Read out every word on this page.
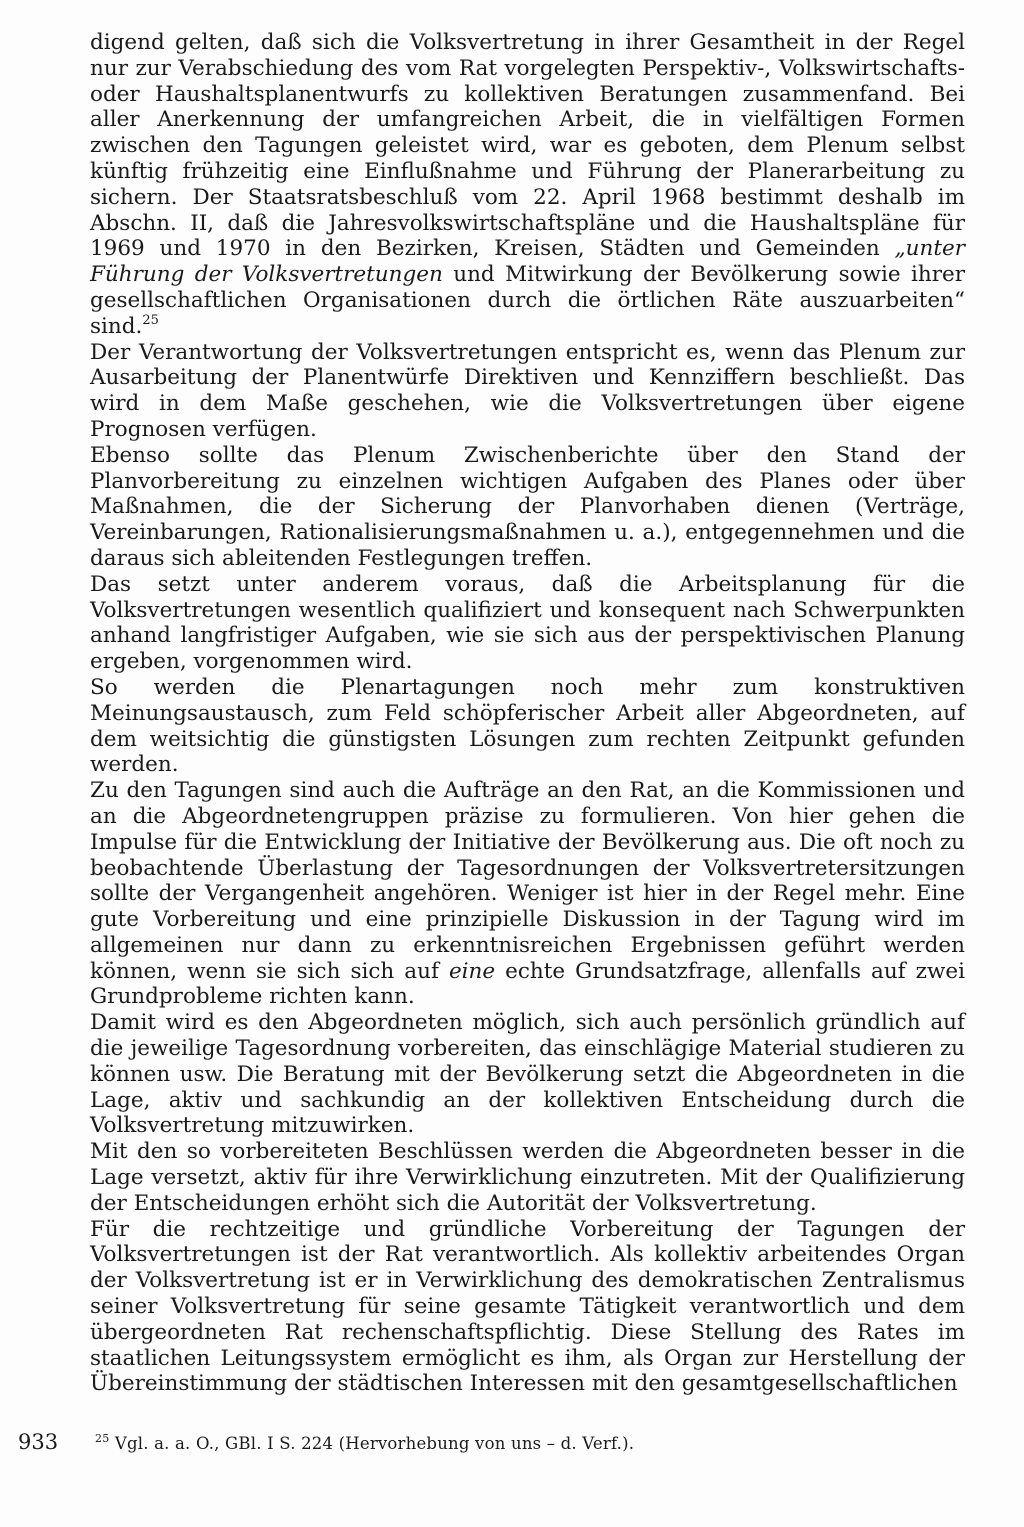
digend gelten, daß sich die Volksvertretung in ihrer Gesamtheit in der Regel nur zur Verabschiedung des vom Rat vorgelegten Perspektiv-, Volkswirtschafts- oder Haushaltsplanentwurfs zu kollektiven Beratungen zusammenfand. Bei aller Anerkennung der umfangreichen Arbeit, die in vielfältigen Formen zwischen den Tagungen geleistet wird, war es geboten, dem Plenum selbst künftig frühzeitig eine Einflußnahme und Führung der Planerarbeitung zu sichern. Der Staatsratsbeschluß vom 22. April 1968 bestimmt deshalb im Abschn. II, daß die Jahresvolkswirtschaftspläne und die Haushaltspläne für 1969 und 1970 in den Bezirken, Kreisen, Städten und Gemeinden „unter Führung der Volksvertretungen und Mitwirkung der Bevölkerung sowie ihrer gesellschaftlichen Organisationen durch die örtlichen Räte auszuarbeiten“ sind.$^{25}$

Der Verantwortung der Volksvertretungen entspricht es, wenn das Plenum zur Ausarbeitung der Planentwürfe Direktiven und Kennziffern beschließt. Das wird in dem Maße geschehen, wie die Volksvertretungen über eigene Prognosen verfügen.

Ebenso sollte das Plenum Zwischenberichte über den Stand der Planvorbereitung zu einzelnen wichtigen Aufgaben des Planes oder über Maßnahmen, die der Sicherung der Planvorhaben dienen (Verträge, Vereinbarungen, Rationalisierungsmaßnahmen u. a.), entgegennehmen und die daraus sich ableitenden Festlegungen treffen.

Das setzt unter anderem voraus, daß die Arbeitsplanung für die Volksvertretungen wesentlich qualifiziert und konsequent nach Schwerpunkten anhand langfristiger Aufgaben, wie sie sich aus der perspektivischen Planung ergeben, vorgenommen wird.

So werden die Plenartagungen noch mehr zum konstruktiven Meinungsaustausch, zum Feld schöpferischer Arbeit aller Abgeordneten, auf dem weitsichtig die günstigsten Lösungen zum rechten Zeitpunkt gefunden werden.

Zu den Tagungen sind auch die Aufträge an den Rat, an die Kommissionen und an die Abgeordnetengruppen präzise zu formulieren. Von hier gehen die Impulse für die Entwicklung der Initiative der Bevölkerung aus. Die oft noch zu beobachtende Überlastung der Tagesordnungen der Volksvertretersitzungen sollte der Vergangenheit angehören. Weniger ist hier in der Regel mehr. Eine gute Vorbereitung und eine prinzipielle Diskussion in der Tagung wird im allgemeinen nur dann zu erkenntnisreichen Ergebnissen geführt werden können, wenn sie sich sich auf eine echte Grundsatzfrage, allenfalls auf zwei Grundprobleme richten kann.

Damit wird es den Abgeordneten möglich, sich auch persönlich gründlich auf die jeweilige Tagesordnung vorbereiten, das einschlägige Material studieren zu können usw. Die Beratung mit der Bevölkerung setzt die Abgeordneten in die Lage, aktiv und sachkundig an der kollektiven Entscheidung durch die Volksvertretung mitzuwirken.

Mit den so vorbereiteten Beschlüssen werden die Abgeordneten besser in die Lage versetzt, aktiv für ihre Verwirklichung einzutreten. Mit der Qualifizierung der Entscheidungen erhöht sich die Autorität der Volksvertretung.

Für die rechtzeitige und gründliche Vorbereitung der Tagungen der Volksvertretungen ist der Rat verantwortlich. Als kollektiv arbeitendes Organ der Volksvertretung ist er in Verwirklichung des demokratischen Zentralismus seiner Volksvertretung für seine gesamte Tätigkeit verantwortlich und dem übergeordneten Rat rechenschaftspflichtig. Diese Stellung des Rates im staatlichen Leitungssystem ermöglicht es ihm, als Organ zur Herstellung der Übereinstimmung der städtischen Interessen mit den gesamtgesellschaftlichen

933	$^{25}$ Vgl. a. a. O., GBl. I S. 224 (Hervorhebung von uns – d. Verf.).
